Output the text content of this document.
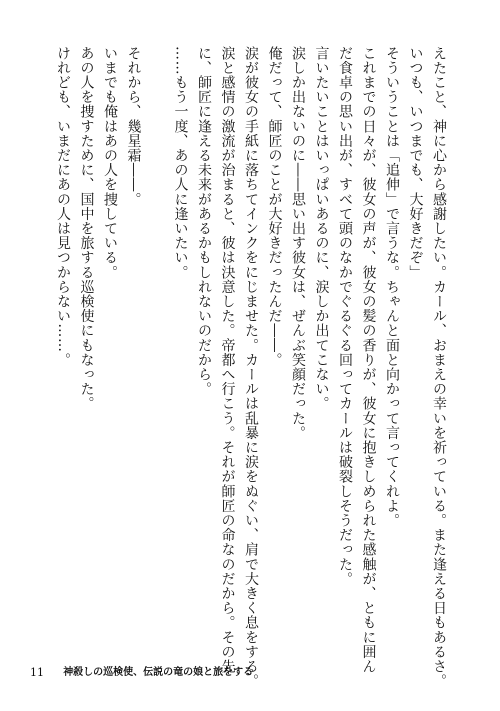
えたこと、神に心から感謝したい。カール、おまえの幸いを祈っている。また逢える日もあるさ。
いつも、いつまでも、大好きだぞ」
そういうことは「追伸」で言うな。ちゃんと面と向かって言ってくれよ。
これまでの日々が、彼女の声が、彼女の髪の香りが、彼女に抱きしめられた感触が、ともに囲ん
だ食卓の思い出が、すべて頭のなかでぐるぐる回ってカールは破裂しそうだった。
言いたいことはいっぱいあるのに、涙しか出てこない。
涙しか出ないのに――思い出す彼女は、ぜんぶ笑顔だった。
俺だって、師匠のことが大好きだったんだ――。
涙が彼女の手紙に落ちてインクをにじませた。カールは乱暴に涙をぬぐい、肩で大きく息をする。
涙と感情の激流が治まると、彼は決意した。帝都へ行こう。それが師匠の命なのだから。その先
に、師匠に逢える未来があるかもしれないのだから。
……もう一度、あの人に逢いたい。
それから、幾星霜――。
いまでも俺はあの人を捜している。
あの人を捜すために、国中を旅する巡検使にもなった。
けれども、いまだにあの人は見つからない……。
11 神殺しの巡検使、伝説の竜の娘と旅をする
